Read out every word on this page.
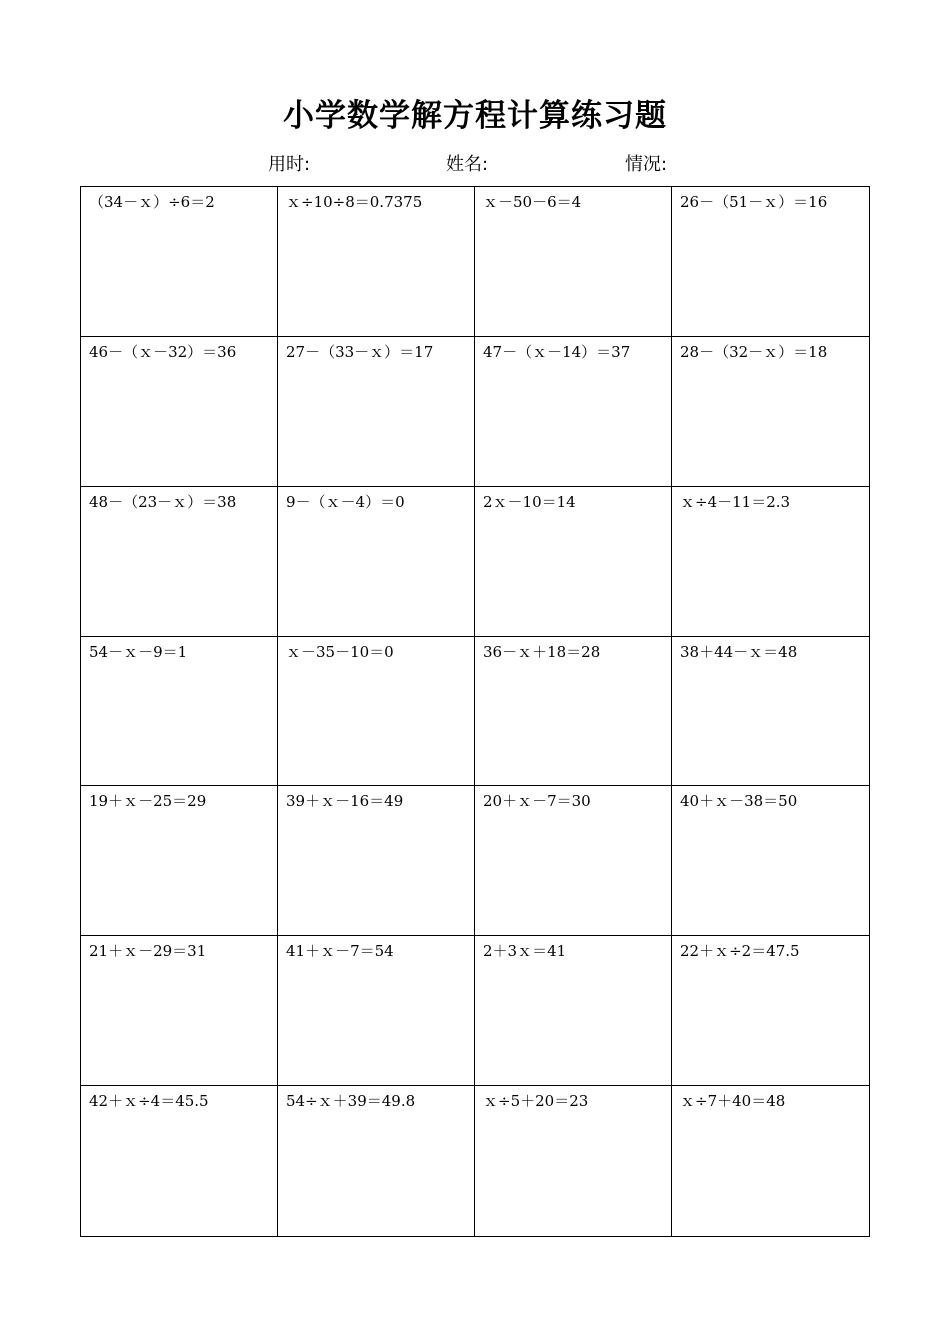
小学数学解方程计算练习题
用时:	姓名:	情况:
（34－ｘ）÷6＝2	ｘ÷10÷8＝0.7375	ｘ－50－6＝4	26－（51－ｘ）＝16
46－（ｘ－32）＝36	27－（33－ｘ）＝17	47－（ｘ－14）＝37	28－（32－ｘ）＝18
48－（23－ｘ）＝38	9－（ｘ－4）＝0	2ｘ－10＝14	ｘ÷4－11＝2.3
54－ｘ－9＝1	ｘ－35－10＝0	36－ｘ＋18＝28	38＋44－ｘ＝48
19＋ｘ－25＝29	39＋ｘ－16＝49	20＋ｘ－7＝30	40＋ｘ－38＝50
21＋ｘ－29＝31	41＋ｘ－7＝54	2＋3ｘ＝41	22＋ｘ÷2＝47.5
42＋ｘ÷4＝45.5	54÷ｘ＋39＝49.8	ｘ÷5＋20＝23	ｘ÷7＋40＝48
